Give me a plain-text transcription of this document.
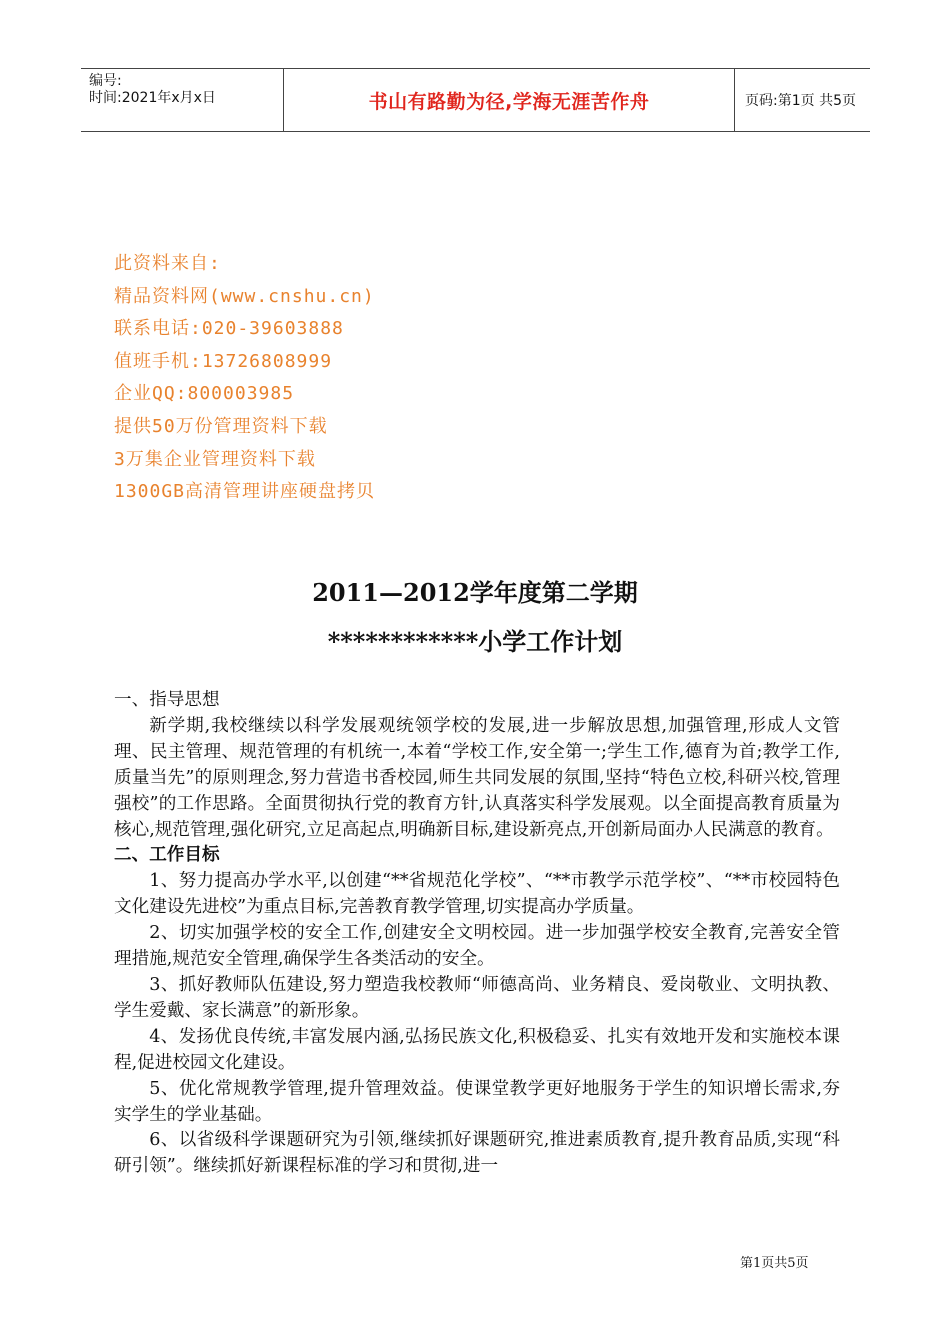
编号:
时间:2021年x月x日	书山有路勤为径,学海无涯苦作舟	页码:第1页 共5页
此资料来自:
精品资料网(www.cnshu.cn)
联系电话:020-39603888
值班手机:13726808999
企业QQ:800003985
提供50万份管理资料下载
3万集企业管理资料下载
1300GB高清管理讲座硬盘拷贝
2011—2012学年度第二学期
************小学工作计划

一、指导思想

新学期,我校继续以科学发展观统领学校的发展,进一步解放思想,加强管理,形成人文管理、民主管理、规范管理的有机统一,本着“学校工作,安全第一;学生工作,德育为首;教学工作,质量当先”的原则理念,努力营造书香校园,师生共同发展的氛围,坚持“特色立校,科研兴校,管理强校”的工作思路。全面贯彻执行党的教育方针,认真落实科学发展观。以全面提高教育质量为核心,规范管理,强化研究,立足高起点,明确新目标,建设新亮点,开创新局面办人民满意的教育。

二、工作目标

1、努力提高办学水平,以创建“**省规范化学校”、“**市教学示范学校”、“**市校园特色文化建设先进校”为重点目标,完善教育教学管理,切实提高办学质量。

2、切实加强学校的安全工作,创建安全文明校园。进一步加强学校安全教育,完善安全管理措施,规范安全管理,确保学生各类活动的安全。

3、抓好教师队伍建设,努力塑造我校教师“师德高尚、业务精良、爱岗敬业、文明执教、学生爱戴、家长满意”的新形象。

4、发扬优良传统,丰富发展内涵,弘扬民族文化,积极稳妥、扎实有效地开发和实施校本课程,促进校园文化建设。

5、优化常规教学管理,提升管理效益。使课堂教学更好地服务于学生的知识增长需求,夯实学生的学业基础。

6、以省级科学课题研究为引领,继续抓好课题研究,推进素质教育,提升教育品质,实现“科研引领”。继续抓好新课程标准的学习和贯彻,进一

第1页共5页
